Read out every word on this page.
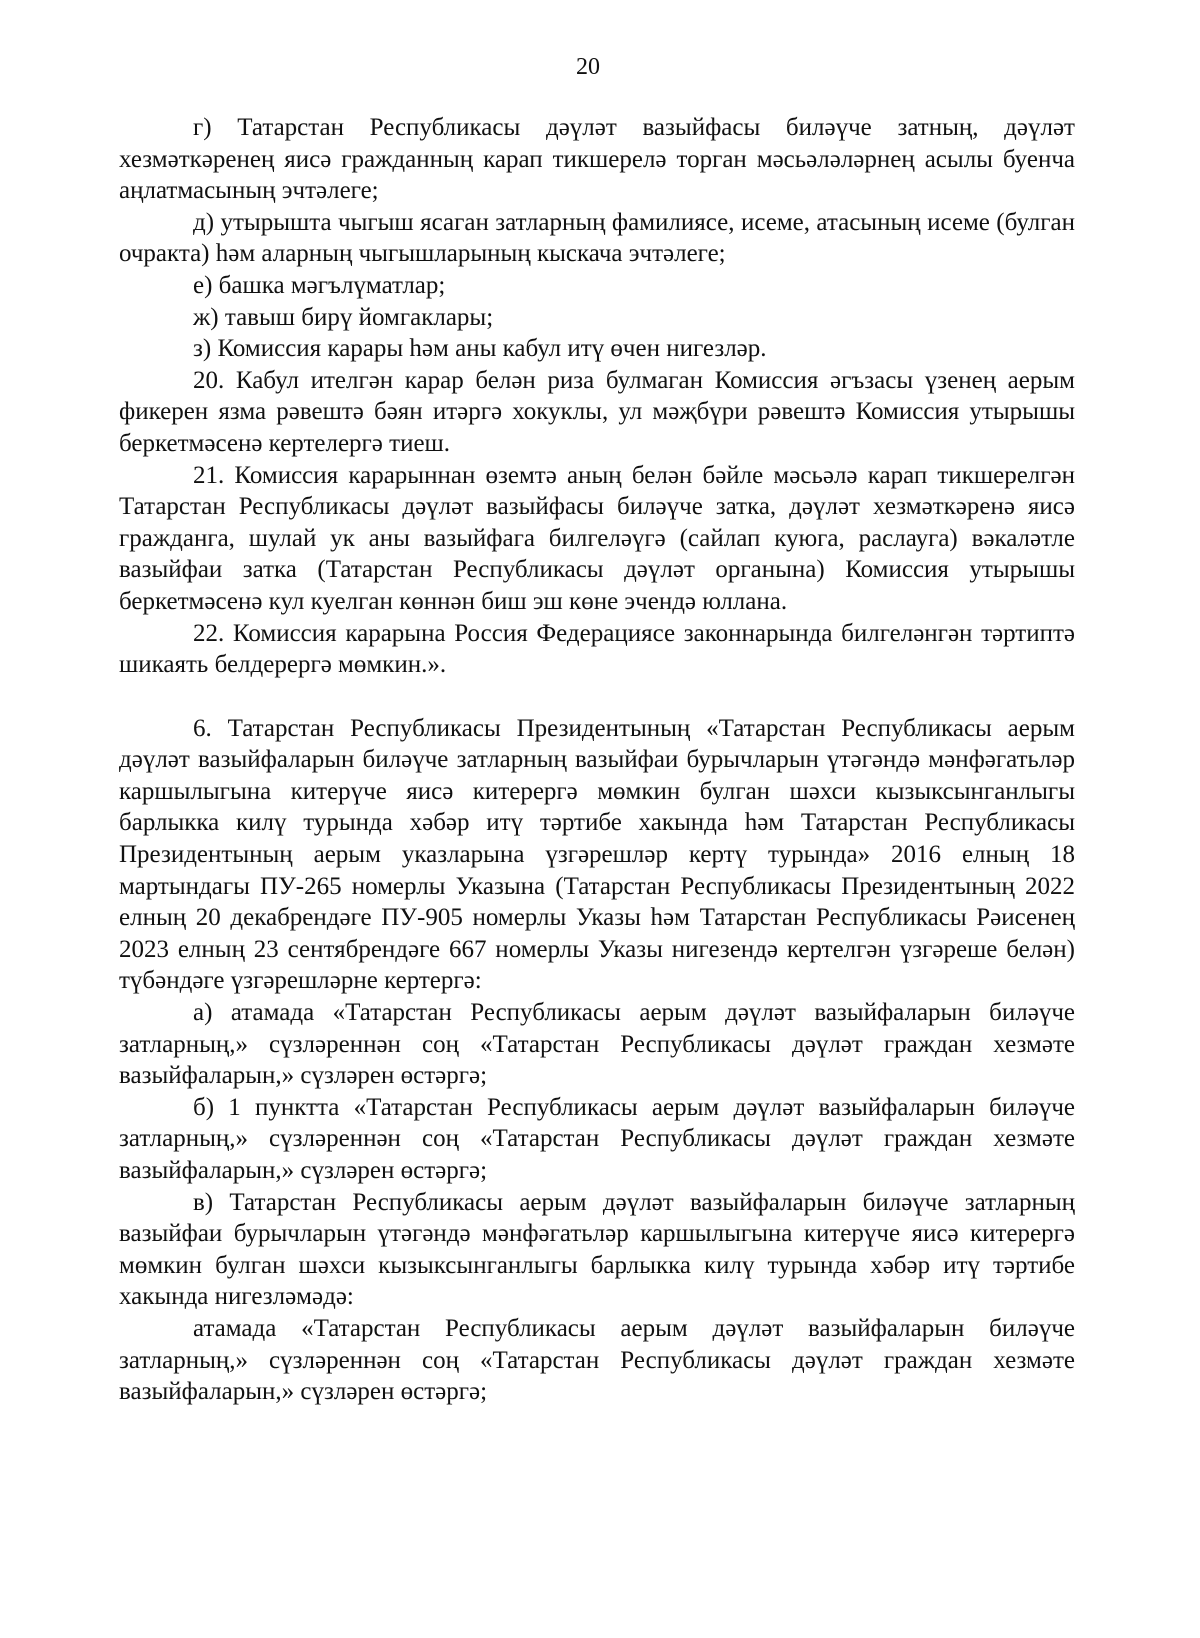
20

г) Татарстан Республикасы дәүләт вазыйфасы биләүче затның, дәүләт хезмәткәренең яисә гражданның карап тикшерелә торган мәсьәләләрнең асылы буенча аңлатмасының эчтәлеге;

д) утырышта чыгыш ясаган затларның фамилиясе, исеме, атасының исеме (булган очракта) һәм аларның чыгышларының кыскача эчтәлеге;

е) башка мәгълүматлар;

ж) тавыш бирү йомгаклары;

з) Комиссия карары һәм аны кабул итү өчен нигезләр.

20. Кабул ителгән карар белән риза булмаган Комиссия әгъзасы үзенең аерым фикерен язма рәвештә бәян итәргә хокуклы, ул мәҗбүри рәвештә Комиссия утырышы беркетмәсенә кертелергә тиеш.

21. Комиссия карарыннан өземтә аның белән бәйле мәсьәлә карап тикшерелгән Татарстан Республикасы дәүләт вазыйфасы биләүче затка, дәүләт хезмәткәренә яисә гражданга, шулай ук аны вазыйфага билгеләүгә (сайлап куюга, раслауга) вәкаләтле вазыйфаи затка (Татарстан Республикасы дәүләт органына) Комиссия утырышы беркетмәсенә кул куелган көннән биш эш көне эчендә юллана.

22. Комиссия карарына Россия Федерациясе законнарында билгеләнгән тәртиптә шикаять белдерергә мөмкин.».

6. Татарстан Республикасы Президентының «Татарстан Республикасы аерым дәүләт вазыйфаларын биләүче затларның вазыйфаи бурычларын үтәгәндә мәнфәгатьләр каршылыгына китерүче яисә китерергә мөмкин булган шәхси кызыксынганлыгы барлыкка килү турында хәбәр итү тәртибе хакында һәм Татарстан Республикасы Президентының аерым указларына үзгәрешләр кертү турында» 2016 елның 18 мартындагы ПУ-265 номерлы Указына (Татарстан Республикасы Президентының 2022 елның 20 декабрендәге ПУ-905 номерлы Указы һәм Татарстан Республикасы Рәисенең 2023 елның 23 сентябрендәге 667 номерлы Указы нигезендә кертелгән үзгәреше белән) түбәндәге үзгәрешләрне кертергә:

а) атамада «Татарстан Республикасы аерым дәүләт вазыйфаларын биләүче затларның,» сүзләреннән соң «Татарстан Республикасы дәүләт граждан хезмәте вазыйфаларын,» сүзләрен өстәргә;

б) 1 пунктта «Татарстан Республикасы аерым дәүләт вазыйфаларын биләүче затларның,» сүзләреннән соң «Татарстан Республикасы дәүләт граждан хезмәте вазыйфаларын,» сүзләрен өстәргә;

в) Татарстан Республикасы аерым дәүләт вазыйфаларын биләүче затларның вазыйфаи бурычларын үтәгәндә мәнфәгатьләр каршылыгына китерүче яисә китерергә мөмкин булган шәхси кызыксынганлыгы барлыкка килү турында хәбәр итү тәртибе хакында нигезләмәдә:

атамада «Татарстан Республикасы аерым дәүләт вазыйфаларын биләүче затларның,» сүзләреннән соң «Татарстан Республикасы дәүләт граждан хезмәте вазыйфаларын,» сүзләрен өстәргә;
